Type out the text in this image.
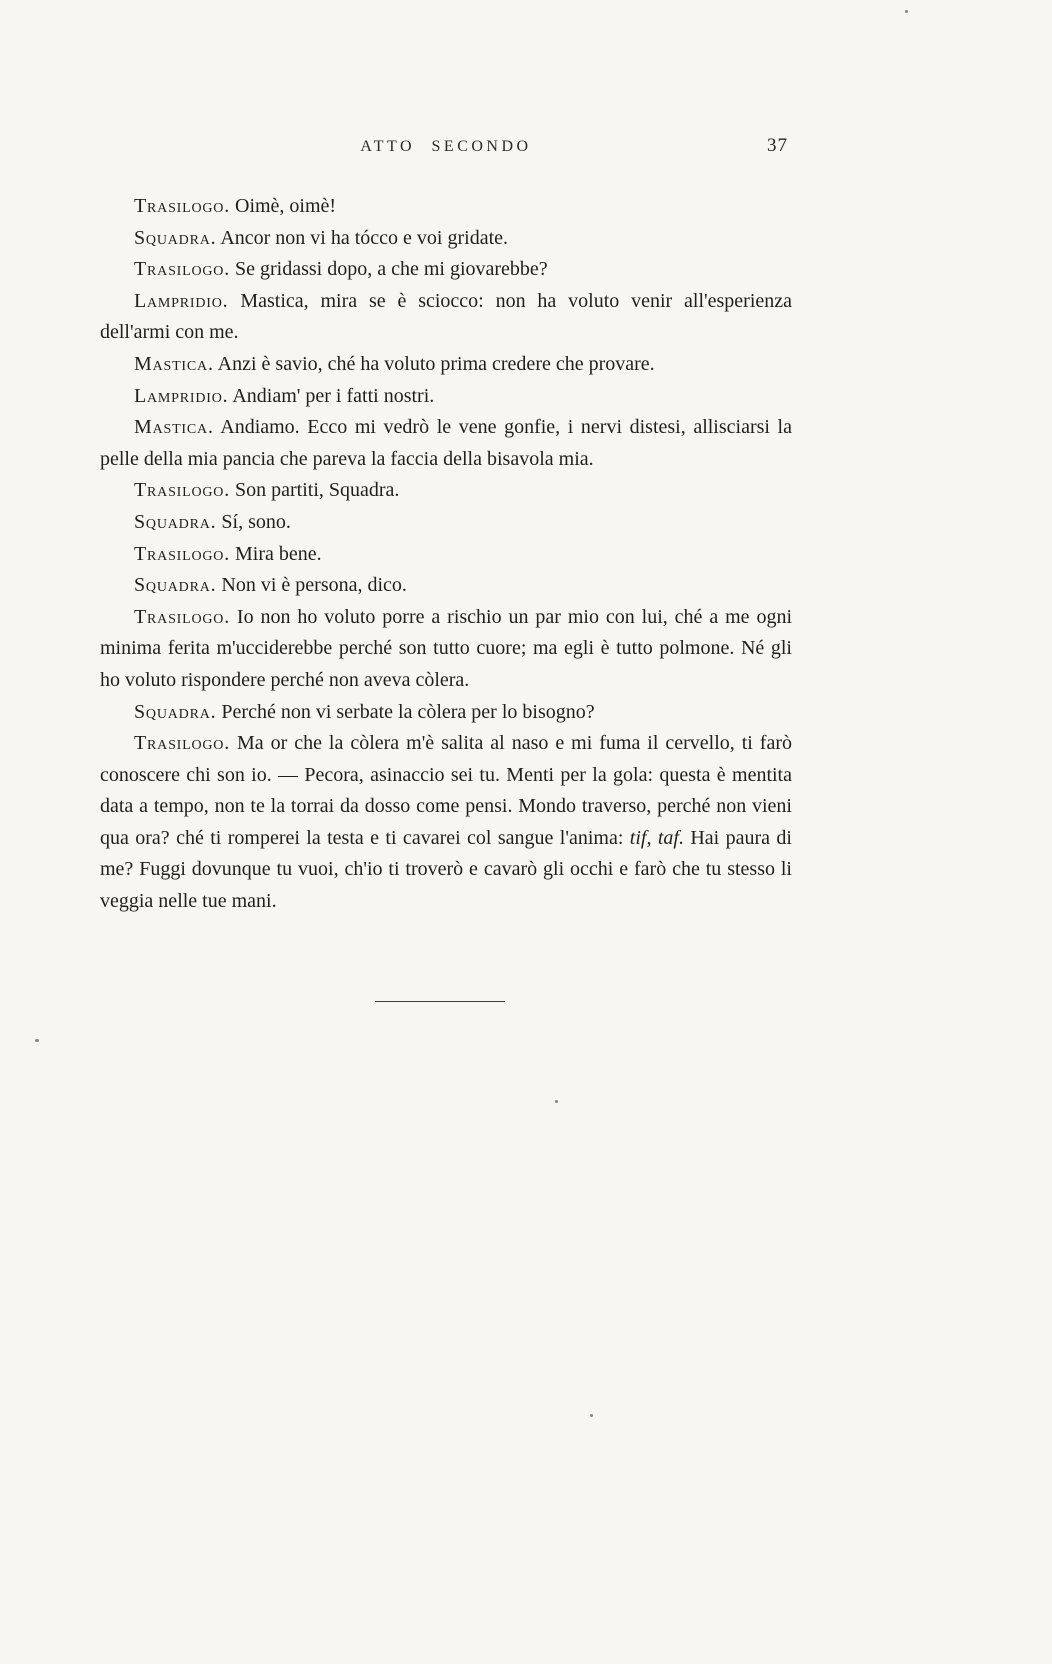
ATTO SECONDO	37

Trasilogo. Oimè, oimè!

Squadra. Ancor non vi ha tócco e voi gridate.

Trasilogo. Se gridassi dopo, a che mi giovarebbe?

Lampridio. Mastica, mira se è sciocco: non ha voluto venir all'esperienza dell'armi con me.

Mastica. Anzi è savio, ché ha voluto prima credere che provare.

Lampridio. Andiam' per i fatti nostri.

Mastica. Andiamo. Ecco mi vedrò le vene gonfie, i nervi distesi, allisciarsi la pelle della mia pancia che pareva la faccia della bisavola mia.

Trasilogo. Son partiti, Squadra.

Squadra. Sí, sono.

Trasilogo. Mira bene.

Squadra. Non vi è persona, dico.

Trasilogo. Io non ho voluto porre a rischio un par mio con lui, ché a me ogni minima ferita m'ucciderebbe perché son tutto cuore; ma egli è tutto polmone. Né gli ho voluto rispondere perché non aveva còlera.

Squadra. Perché non vi serbate la còlera per lo bisogno?

Trasilogo. Ma or che la còlera m'è salita al naso e mi fuma il cervello, ti farò conoscere chi son io. — Pecora, asinaccio sei tu. Menti per la gola: questa è mentita data a tempo, non te la torrai da dosso come pensi. Mondo traverso, perché non vieni qua ora? ché ti romperei la testa e ti cavarei col sangue l'anima: tif, taf. Hai paura di me? Fuggi dovunque tu vuoi, ch'io ti troverò e cavarò gli occhi e farò che tu stesso li veggia nelle tue mani.
